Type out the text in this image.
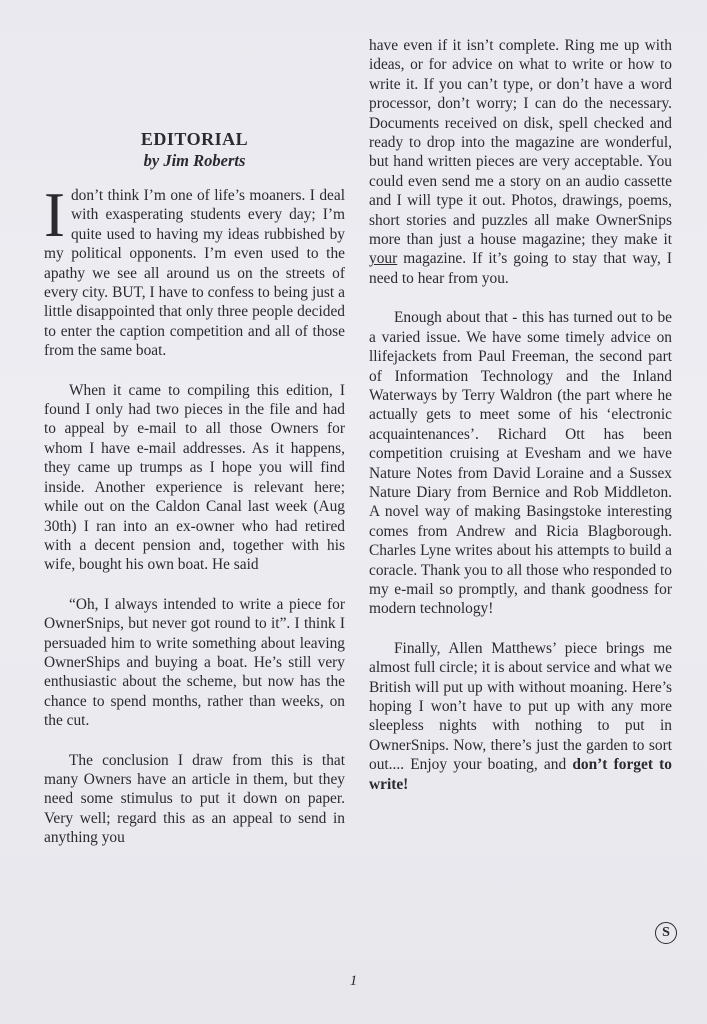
EDITORIAL
by Jim Roberts

I don’t think I’m one of life’s moaners. I deal with exasperating students every day; I’m quite used to having my ideas rubbished by my political opponents. I’m even used to the apathy we see all around us on the streets of every city. BUT, I have to confess to being just a little disappointed that only three people decided to enter the caption competition and all of those from the same boat.

When it came to compiling this edition, I found I only had two pieces in the file and had to appeal by e-mail to all those Owners for whom I have e-mail addresses. As it happens, they came up trumps as I hope you will find inside. Another experience is relevant here; while out on the Caldon Canal last week (Aug 30th) I ran into an ex-owner who had retired with a decent pension and, together with his wife, bought his own boat. He said

“Oh, I always intended to write a piece for OwnerSnips, but never got round to it”. I think I persuaded him to write something about leaving OwnerShips and buying a boat. He’s still very enthusiastic about the scheme, but now has the chance to spend months, rather than weeks, on the cut.

The conclusion I draw from this is that many Owners have an article in them, but they need some stimulus to put it down on paper. Very well; regard this as an appeal to send in anything you

have even if it isn’t complete. Ring me up with ideas, or for advice on what to write or how to write it. If you can’t type, or don’t have a word processor, don’t worry; I can do the necessary. Documents received on disk, spell checked and ready to drop into the magazine are wonderful, but hand written pieces are very acceptable. You could even send me a story on an audio cassette and I will type it out. Photos, drawings, poems, short stories and puzzles all make OwnerSnips more than just a house magazine; they make it your magazine. If it’s going to stay that way, I need to hear from you.

Enough about that - this has turned out to be a varied issue. We have some timely advice on llifejackets from Paul Freeman, the second part of Information Technology and the Inland Waterways by Terry Waldron (the part where he actually gets to meet some of his ‘electronic acquaintenances’. Richard Ott has been competition cruising at Evesham and we have Nature Notes from David Loraine and a Sussex Nature Diary from Bernice and Rob Middleton. A novel way of making Basingstoke interesting comes from Andrew and Ricia Blagborough. Charles Lyne writes about his attempts to build a coracle. Thank you to all those who responded to my e-mail so promptly, and thank goodness for modern technology!

Finally, Allen Matthews’ piece brings me almost full circle; it is about service and what we British will put up with without moaning. Here’s hoping I won’t have to put up with any more sleepless nights with nothing to put in OwnerSnips. Now, there’s just the garden to sort out.... Enjoy your boating, and don’t forget to write!

S
1
